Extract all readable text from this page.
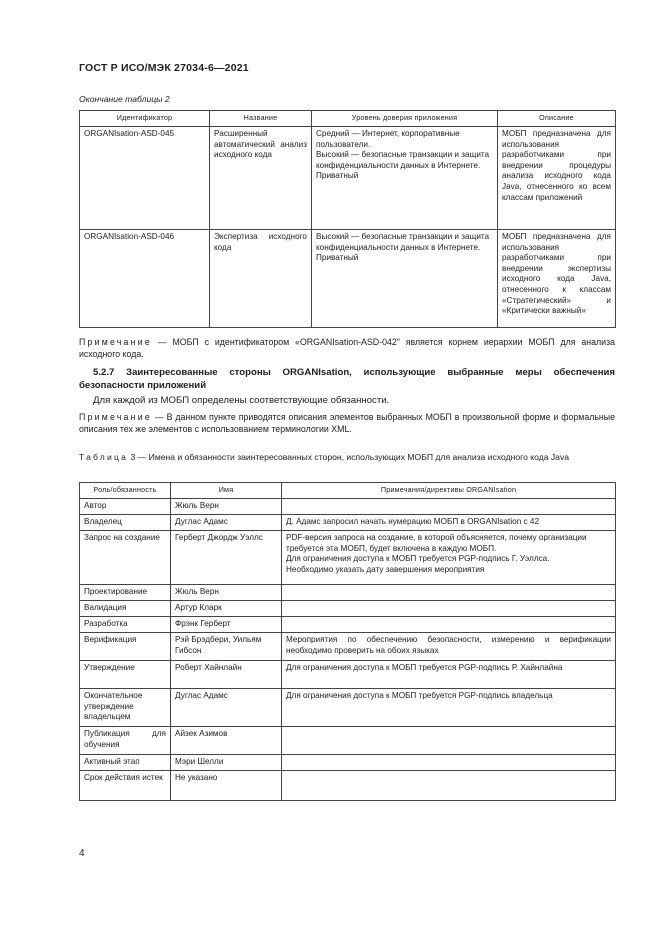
ГОСТ Р ИСО/МЭК 27034-6—2021
Окончание таблицы 2
Идентификатор	Название	Уровень доверия приложения	Описание
ORGANIsation-ASD-045	Расширенный автоматический анализ исходного кода	Средний — Интернет, корпоративные пользователи.
Высокий — безопасные транзакции и защита конфиденциальности данных в Интернете.
Приватный	МОБП предназначена для использования разработчиками при внедрении процедуры анализа исходного кода Java, отнесенного ко всем классам приложений
ORGANIsation-ASD-046	Экспертиза исходного кода	Высокий — безопасные транзакции и защита конфиденциальности данных в Интернете.
Приватный	МОБП предназначена для использования разработчиками при внедрении экспертизы исходного кода Java, отнесенного к классам «Стратегический» и «Критически важный»
Примечание — МОБП с идентификатором «ORGANIsation-ASD-042" является корнем иерархии МОБП для анализа исходного кода.
5.2.7 Заинтересованные стороны ORGANIsation, использующие выбранные меры обеспечения безопасности приложений
Для каждой из МОБП определены соответствующие обязанности.
Примечание — В данном пункте приводятся описания элементов выбранных МОБП в произвольной форме и формальные описания тех же элементов с использованием терминологии XML.
Таблица 3 — Имена и обязанности заинтересованных сторон, использующих МОБП для анализа исходного кода Java
Роль/обязанность	Имя	Примечания/директивы ORGANIsation
Автор	Жюль Верн	
Владелец	Дуглас Адамс	Д. Адамс запросил начать нумерацию МОБП в ORGANIsation с 42
Запрос на создание	Герберт Джордж Уэллс	PDF-версия запроса на создание, в которой объясняется, почему организации требуется эта МОБП, будет включена в каждую МОБП.
Для ограничения доступа к МОБП требуется PGP-подпись Г. Уэллса.
Необходимо указать дату завершения мероприятия
Проектирование	Жюль Верн	
Валидация	Артур Кларк	
Разработка	Фрэнк Герберт	
Верификация	Рэй Брэдбери, Уильям Гибсон	Мероприятия по обеспечению безопасности, измерению и верификации необходимо проверить на обоих языках
Утверждение	Роберт Хайнлайн	Для ограничения доступа к МОБП требуется PGP-подпись Р. Хайнлайна
Окончательное утверждение владельцем	Дуглас Адамс	Для ограничения доступа к МОБП требуется PGP-подпись владельца
Публикация для обучения	Айзек Азимов	
Активный этап	Мэри Шелли	
Срок действия истек	Не указано	
4
